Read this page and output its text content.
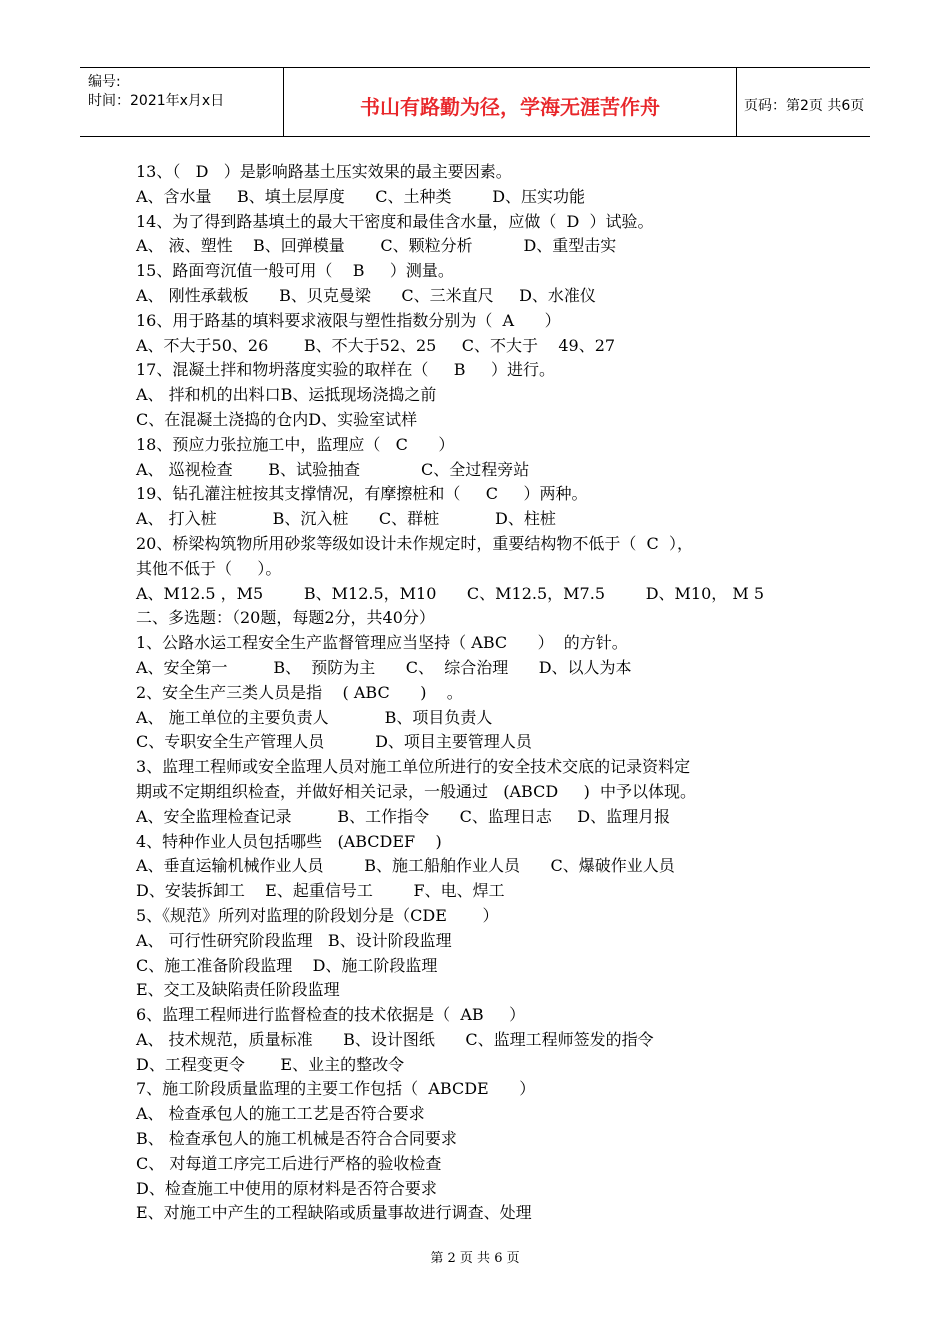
编号:
时间：2021年x月x日	书山有路勤为径，学海无涯苦作舟	页码：第2页 共6页
13、（   D   ）是影响路基土压实效果的最主要因素。
A、含水量     B、填土层厚度      C、土种类        D、压实功能
14、为了得到路基填土的最大干密度和最佳含水量，应做（  D  ）试验。
A、 液、塑性    B、回弹模量       C、颗粒分析          D、重型击实
15、路面弯沉值一般可用（    B     ）测量。
A、 刚性承载板      B、贝克曼梁      C、三米直尺     D、水准仪
16、用于路基的填料要求液限与塑性指数分别为（  A      ）
A、不大于50、26       B、不大于52、25     C、不大于    49、27
17、混凝土拌和物坍落度实验的取样在（     B     ）进行。
A、 拌和机的出料口B、运抵现场浇捣之前
C、在混凝土浇捣的仓内D、实验室试样
18、预应力张拉施工中，监理应（   C      ）
A、 巡视检查       B、试验抽查            C、全过程旁站
19、钻孔灌注桩按其支撑情况，有摩擦桩和（     C     ）两种。
A、 打入桩           B、沉入桩      C、群桩           D、柱桩
20、桥梁构筑物所用砂浆等级如设计未作规定时，重要结构物不低于（  C  ），
其他不低于（     ）。
A、M12.5 ，M5        B、M12.5，M10      C、M12.5，M7.5        D、M10， M 5
二、多选题：（20题，每题2分，共40分）
1、公路水运工程安全生产监督管理应当坚持（ ABC      ）  的方针。
A、安全第一         B、  预防为主      C、  综合治理      D、以人为本
2、安全生产三类人员是指    ( ABC      )    。
A、 施工单位的主要负责人           B、项目负责人
C、专职安全生产管理人员          D、项目主要管理人员
3、监理工程师或安全监理人员对施工单位所进行的安全技术交底的记录资料定
期或不定期组织检查，并做好相关记录，一般通过   (ABCD     )  中予以体现。
A、安全监理检查记录         B、工作指令      C、监理日志     D、监理月报
4、特种作业人员包括哪些   (ABCDEF    )
A、垂直运输机械作业人员        B、施工船舶作业人员      C、爆破作业人员
D、安装拆卸工    E、起重信号工        F、电、焊工
5、《规范》所列对监理的阶段划分是（CDE       ）
A、 可行性研究阶段监理   B、设计阶段监理
C、施工准备阶段监理    D、施工阶段监理
E、交工及缺陷责任阶段监理
6、监理工程师进行监督检查的技术依据是（  AB     ）
A、 技术规范，质量标准      B、设计图纸      C、监理工程师签发的指令
D、工程变更令       E、业主的整改令
7、施工阶段质量监理的主要工作包括（  ABCDE      ）
A、 检查承包人的施工工艺是否符合要求
B、 检查承包人的施工机械是否符合合同要求
C、 对每道工序完工后进行严格的验收检查
D、检查施工中使用的原材料是否符合要求
E、对施工中产生的工程缺陷或质量事故进行调查、处理
第 2 页 共 6 页
